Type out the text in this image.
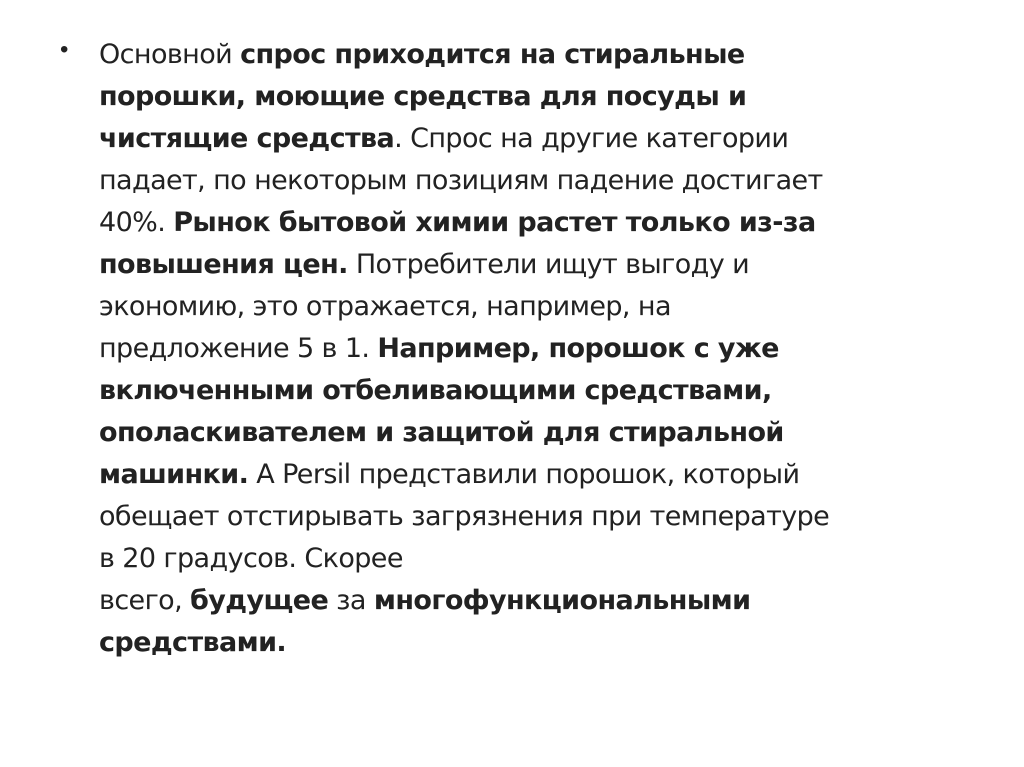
• Основной спрос приходится на стиральные
порошки, моющие средства для посуды и
чистящие средства. Спрос на другие категории
падает, по некоторым позициям падение достигает
40%. Рынок бытовой химии растет только из-за
повышения цен. Потребители ищут выгоду и
экономию, это отражается, например, на
предложение 5 в 1. Например, порошок с уже
включенными отбеливающими средствами,
ополаскивателем и защитой для стиральной
машинки. А Persil представили порошок, который
обещает отстирывать загрязнения при температуре
в 20 градусов. Скорее
всего, будущее за многофункциональными
средствами.
